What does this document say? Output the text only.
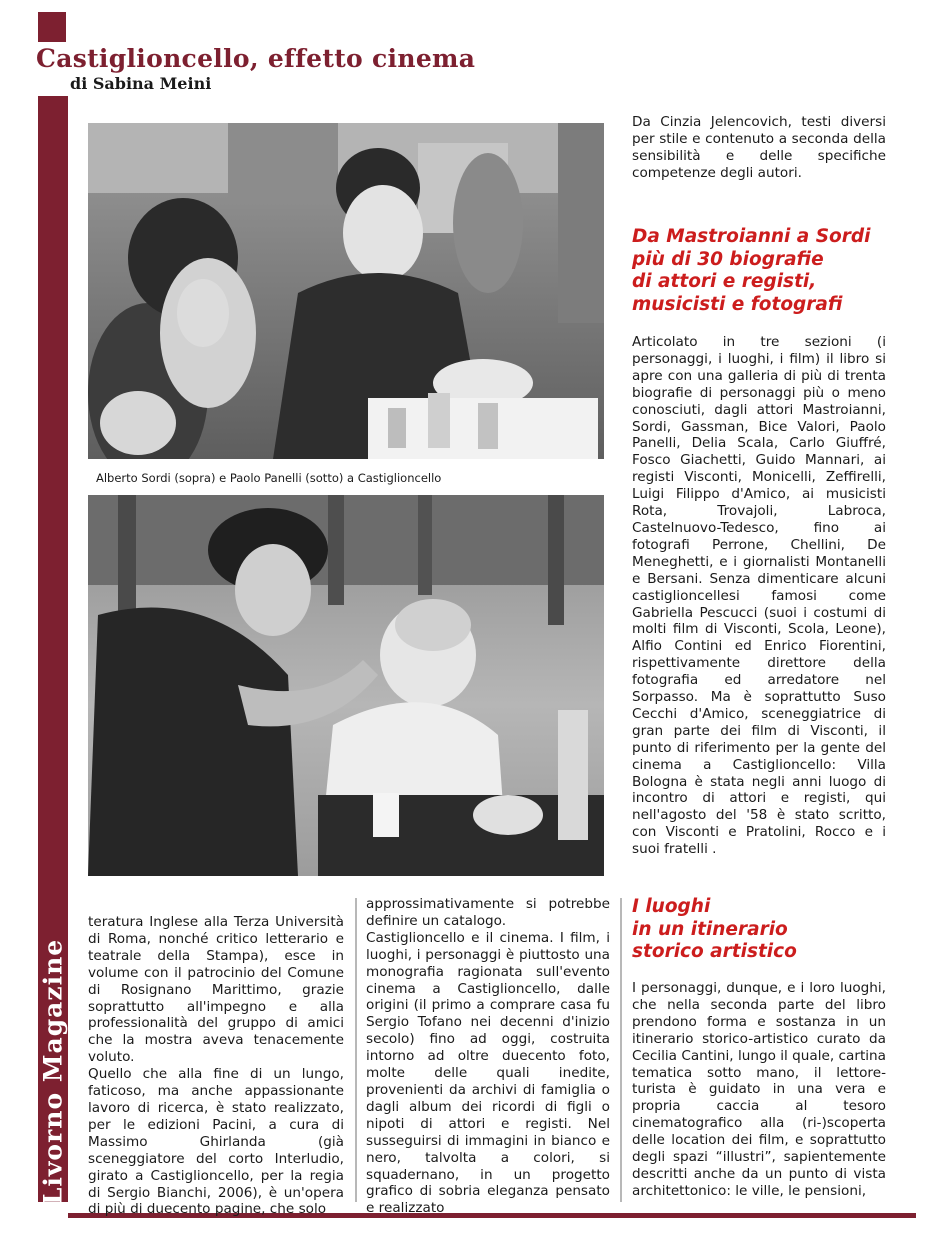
Livorno Magazine
Castiglioncello, effetto cinema
di Sabina Meini
Alberto Sordi (sopra) e Paolo Panelli (sotto) a Castiglioncello

Da Cinzia Jelencovich, testi diversi per stile e contenuto a seconda della sensibilità e delle specifiche competenze degli autori.

Da Mastroianni a Sordi
più di 30 biografie
di attori e registi,
musicisti e fotografi

Articolato in tre sezioni (i personaggi, i luoghi, i film) il libro si apre con una galleria di più di trenta biografie di personaggi più o meno conosciuti, dagli attori Mastroianni, Sordi, Gassman, Bice Valori, Paolo Panelli, Delia Scala, Carlo Giuffré, Fosco Giachetti, Guido Mannari, ai registi Visconti, Monicelli, Zeffirelli, Luigi Filippo d'Amico, ai musicisti Rota, Trovajoli, Labroca, Castelnuovo-Tedesco, fino ai fotografi Perrone, Chellini, De Meneghetti, e i giornalisti Montanelli e Bersani. Senza dimenticare alcuni castiglioncellesi famosi come Gabriella Pescucci (suoi i costumi di molti film di Visconti, Scola, Leone), Alfio Contini ed Enrico Fiorentini, rispettivamente direttore della fotografia ed arredatore nel Sorpasso. Ma è soprattutto Suso Cecchi d'Amico, sceneggiatrice di gran parte dei film di Visconti, il punto di riferimento per la gente del cinema a Castiglioncello: Villa Bologna è stata negli anni luogo di incontro di attori e registi, qui nell'agosto del '58 è stato scritto, con Visconti e Pratolini, Rocco e i suoi fratelli .

teratura Inglese alla Terza Università di Roma, nonché critico letterario e teatrale della Stampa), esce in volume con il patrocinio del Comune di Rosignano Marittimo, grazie soprattutto all'impegno e alla professionalità del gruppo di amici che la mostra aveva tenacemente voluto.

Quello che alla fine di un lungo, faticoso, ma anche appassionante lavoro di ricerca, è stato realizzato, per le edizioni Pacini, a cura di Massimo Ghirlanda (già sceneggiatore del corto Interludio, girato a Castiglioncello, per la regia di Sergio Bianchi, 2006), è un'opera di più di duecento pagine, che solo

approssimativamente si potrebbe definire un catalogo.

Castiglioncello e il cinema. I film, i luoghi, i personaggi è piuttosto una monografia ragionata sull'evento cinema a Castiglioncello, dalle origini (il primo a comprare casa fu Sergio Tofano nei decenni d'inizio secolo) fino ad oggi, costruita intorno ad oltre duecento foto, molte delle quali inedite, provenienti da archivi di famiglia o dagli album dei ricordi di figli o nipoti di attori e registi. Nel susseguirsi di immagini in bianco e nero, talvolta a colori, si squadernano, in un progetto grafico di sobria eleganza pensato e realizzato

I luoghi
in un itinerario
storico artistico

I personaggi, dunque, e i loro luoghi, che nella seconda parte del libro prendono forma e sostanza in un itinerario storico-artistico curato da Cecilia Cantini, lungo il quale, cartina tematica sotto mano, il lettore-turista è guidato in una vera e propria caccia al tesoro cinematografico alla (ri-)scoperta delle location dei film, e soprattutto degli spazi “illustri”, sapientemente descritti anche da un punto di vista architettonico: le ville, le pensioni,
